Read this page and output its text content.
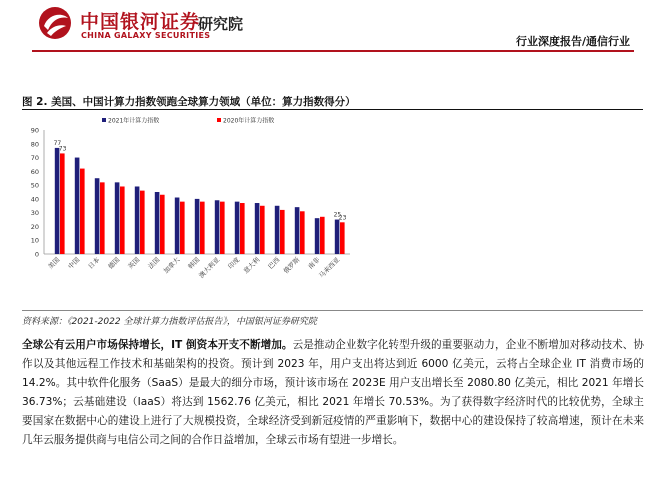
中国银河证券
CHINA GALAXY SECURITIES
研究院
行业深度报告/通信行业
图 2. 美国、中国计算力指数领跑全球算力领域（单位：算力指数得分）
0
10
20
30
40
50
60
70
80
90
2021年计算力指数	2020年计算力指数
77
73
美国 中国 日本 德国 英国 法国 加拿大 韩国
澳大利亚 印度 意大利 巴西 俄罗斯 南非
25
23
马来西亚
资料来源：《2021-2022 全球计算力指数评估报告》，中国银河证券研究院
全球公有云用户市场保持增长，IT 倒资本开支不断增加。云是推动企业数字化转型升级的重要驱动力，企业不断增加对移动技术、协作以及其他远程工作技术和基础架构的投资。预计到 2023 年，用户支出将达到近 6000 亿美元，云将占全球企业 IT 消费市场的 14.2%。其中软件化服务（SaaS）是最大的细分市场，预计该市场在 2023E 用户支出增长至 2080.80 亿美元，相比 2021 年增长 36.73%；云基础建设（IaaS）将达到 1562.76 亿美元，相比 2021 年增长 70.53%。为了获得数字经济时代的比较优势，全球主要国家在数据中心的建设上进行了大规模投资，全球经济受到新冠疫情的严重影响下，数据中心的建设保持了较高增速，预计在未来几年云服务提供商与电信公司之间的合作日益增加，全球云市场有望进一步增长。
